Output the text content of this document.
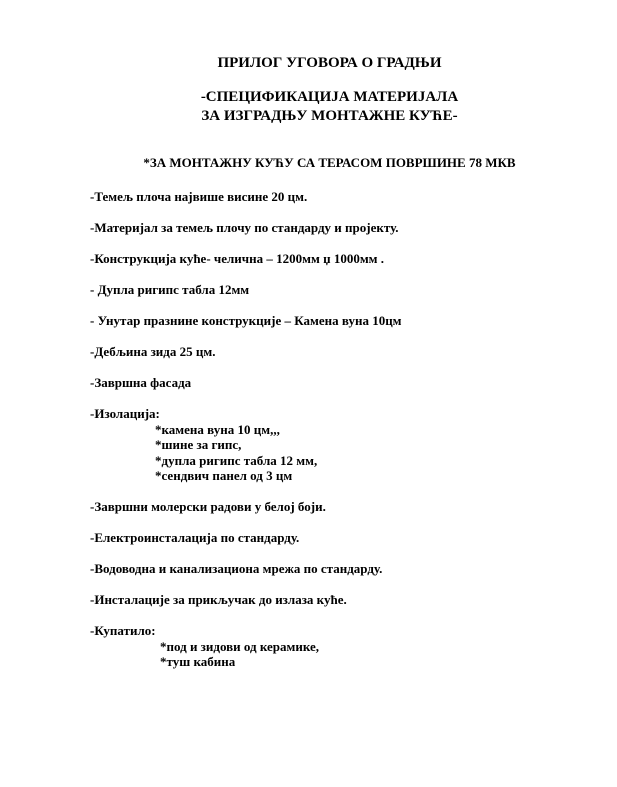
ПРИЛОГ УГОВОРА О ГРАДЊИ
-СПЕЦИФИКАЦИЈА МАТЕРИЈАЛА
ЗА ИЗГРАДЊУ МОНТАЖНЕ КУЋЕ-
*ЗА МОНТАЖНУ КУЋУ СА ТЕРАСОМ ПОВРШИНЕ 78 МКВ
-Темељ плоча највише висине 20 цм.
-Материјал за темељ плочу по стандарду и пројекту.
-Конструкција куће- челична – 1200мм џ 1000мм .
- Дупла ригипс табла 12мм
- Унутар празнине конструкције – Камена вуна 10цм
-Дебљина зида 25 цм.
-Завршна фасада
-Изолација:
*камена вуна 10 цм,,,
*шине за гипс,
*дупла ригипс табла 12 мм,
*сендвич панел од 3 цм
-Завршни молерски радови у белој боји.
-Електроинсталација по стандарду.
-Водоводна и канализациона мрежа по стандарду.
-Инсталације за прикључак до излаза куће.
-Купатило:
*под и зидови од керамике,
*туш кабина
